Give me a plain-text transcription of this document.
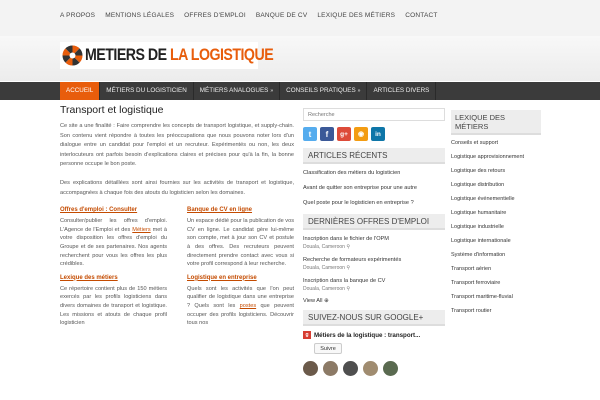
A PROPOS MENTIONS LÉGALES OFFRES D'EMPLOI BANQUE DE CV LEXIQUE DES MÉTIERS CONTACT
METIERS DE LA LOGISTIQUE
ACCUEIL	MÉTIERS DU LOGISTICIEN	MÉTIERS ANALOGUES »	CONSEILS PRATIQUES »	ARTICLES DIVERS
Transport et logistique

Ce site a une finalité : Faire comprendre les concepts de transport logistique, et supply-chain. Son contenu vient répondre à toutes les préoccupations que nous pouvons noter lors d'un dialogue entre un candidat pour l'emploi et un recruteur. Expérimentés ou non, les deux interlocuteurs ont parfois besoin d'explications claires et précises pour qu'à la fin, la bonne personne occupe le bon poste.

Des explications détaillées sont ainsi fournies sur les activités de transport et logistique, accompagnées à chaque fois des atouts du logisticien selon les domaines.

Offres d'emploi : Consulter

Consulter/publier les offres d'emploi. L'Agence de l'Emploi et des Métiers met à votre disposition les offres d'emploi du Groupe et de ses partenaires. Nos agents recherchent pour vous les offres les plus crédibles.

Banque de CV en ligne

Un espace dédié pour la publication de vos CV en ligne. Le candidat gère lui-même son compte, met à jour son CV et postule à des offres. Des recruteurs peuvent directement prendre contact avec vous si votre profil correspond à leur recherche.

Lexique des métiers

Ce répertoire contient plus de 150 métiers exercés par les profils logisticiens dans divers domaines de transport et logistique. Les missions et atouts de chaque profil logisticien

Logistique en entreprise

Quels sont les activités que l'on peut qualifier de logistique dans une entreprise ? Quels sont les postes que peuvent occuper des profils logisticiens. Découvrir tous nos

Recherche
t	f	g+	◉	in
ARTICLES RÉCENTS
Classification des métiers du logisticien
Avant de quitter son entreprise pour une autre
Quel poste pour le logisticien en entreprise ?
DERNIÈRES OFFRES D'EMPLOI
Inscription dans le fichier de l'OPM
Douala, Cameroon ⚲
Recherche de formateurs expérimentés
Douala, Cameroon ⚲
Inscription dans la banque de CV
Douala, Cameroon ⚲
View All ⊕
SUIVEZ-NOUS SUR GOOGLE+
g Métiers de la logistique : transport...
Suivre
LEXIQUE DES MÉTIERS
Conseils et support
Logistique approvisionnement
Logistique des retours
Logistique distribution
Logistique événementielle
Logistique humanitaire
Logistique industrielle
Logistique internationale
Système d'information
Transport aérien
Transport ferroviaire
Transport maritime-fluvial
Transport routier
